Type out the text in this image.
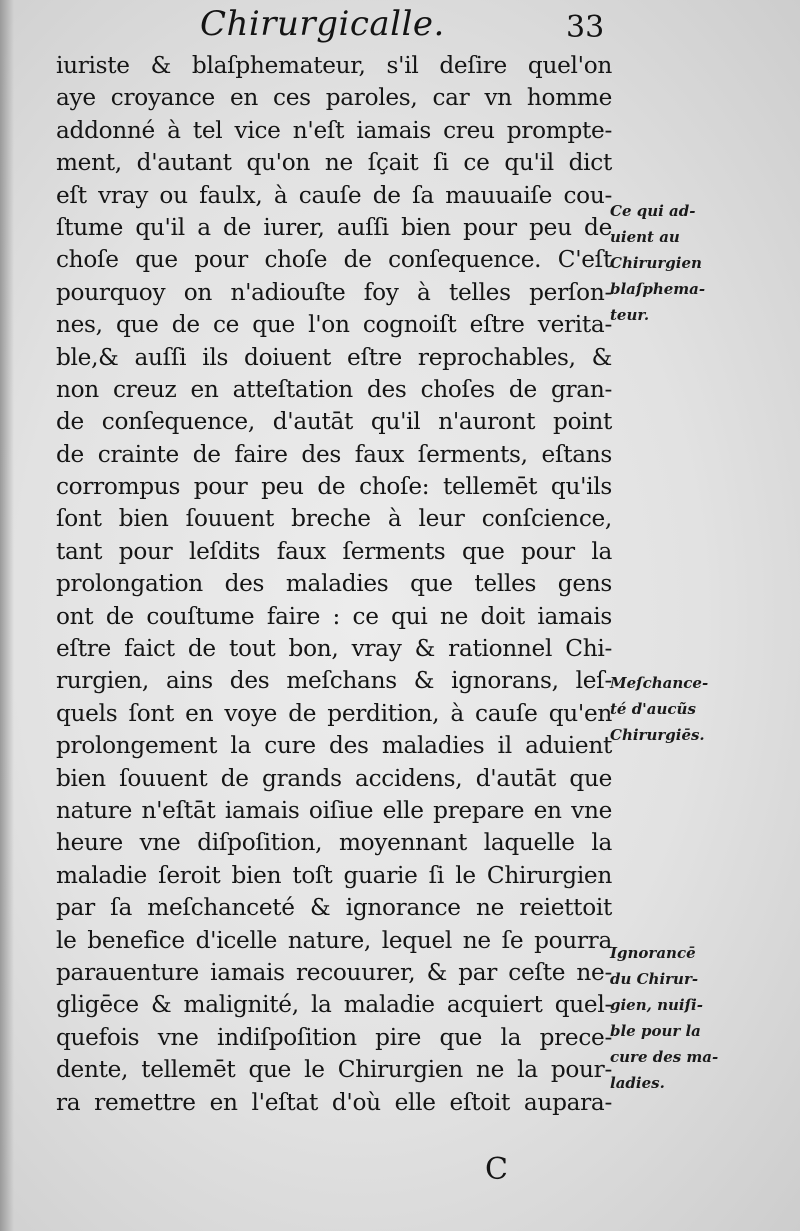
Chirurgicalle.	33
iuriste & blaſphemateur, s'il deſire quel'on
aye croyance en ces paroles, car vn homme
addonné à tel vice n'eſt iamais creu prompte-
ment, d'autant qu'on ne ſçait ſi ce qu'il dict
eſt vray ou faulx, à cauſe de ſa mauuaiſe cou-
ſtume qu'il a de iurer, auſſi bien pour peu de
choſe que pour choſe de conſequence. C'eſt
pourquoy on n'adiouſte foy à telles perſon-
nes, que de ce que l'on cognoiſt eſtre verita-
ble,& auſſi ils doiuent eſtre reprochables, &
non creuz en atteſtation des choſes de gran-
de conſequence, d'autāt qu'il n'auront point
de crainte de faire des faux ſerments, eſtans
corrompus pour peu de choſe: tellemēt qu'ils
ſont bien ſouuent breche à leur conſcience,
tant pour leſdits faux ſerments que pour la
prolongation des maladies que telles gens
ont de couſtume faire : ce qui ne doit iamais
eſtre faict de tout bon, vray & rationnel Chi-
rurgien, ains des meſchans & ignorans, leſ-
quels ſont en voye de perdition, à cauſe qu'en
prolongement la cure des maladies il aduient
bien ſouuent de grands accidens, d'autāt que
nature n'eſtāt iamais oiſiue elle prepare en vne
heure vne diſpoſition, moyennant laquelle la
maladie ſeroit bien toſt guarie ſi le Chirurgien
par ſa meſchanceté & ignorance ne reiettoit
le benefice d'icelle nature, lequel ne ſe pourra
parauenture iamais recouurer, & par ceſte ne-
gligēce & malignité, la maladie acquiert quel-
quefois vne indiſpoſition pire que la prece-
dente, tellemēt que le Chirurgien ne la pour-
ra remettre en l'eſtat d'où elle eſtoit aupara-
Ce qui ad-
uient au
Chirurgien
blaſphema-
teur.
Meſchance-
té d'aucũs
Chirurgiēs.
Ignorancē
du Chirur-
gien, nuiſi-
ble pour la
cure des ma-
ladies.
C
